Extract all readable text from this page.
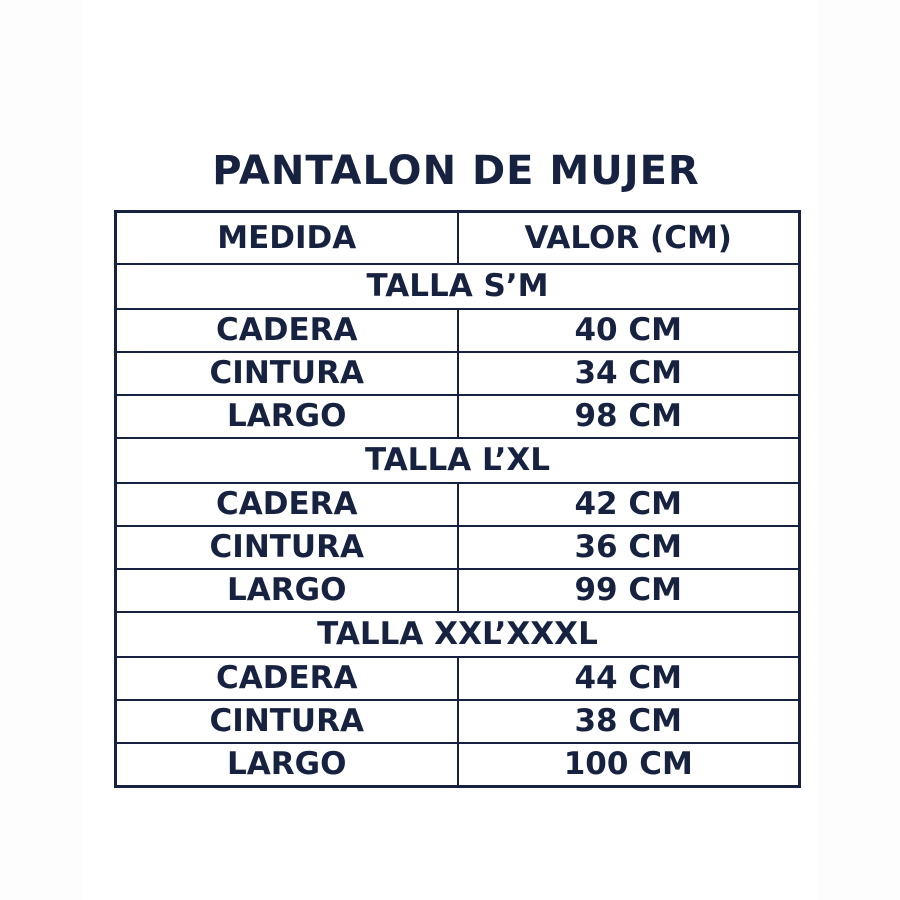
PANTALON DE MUJER
MEDIDA	VALOR (CM)
TALLA S’M	
CADERA	40 CM
CINTURA	34 CM
LARGO	98 CM
TALLA L’XL	
CADERA	42 CM
CINTURA	36 CM
LARGO	99 CM
TALLA XXL’XXXL	
CADERA	44 CM
CINTURA	38 CM
LARGO	100 CM
